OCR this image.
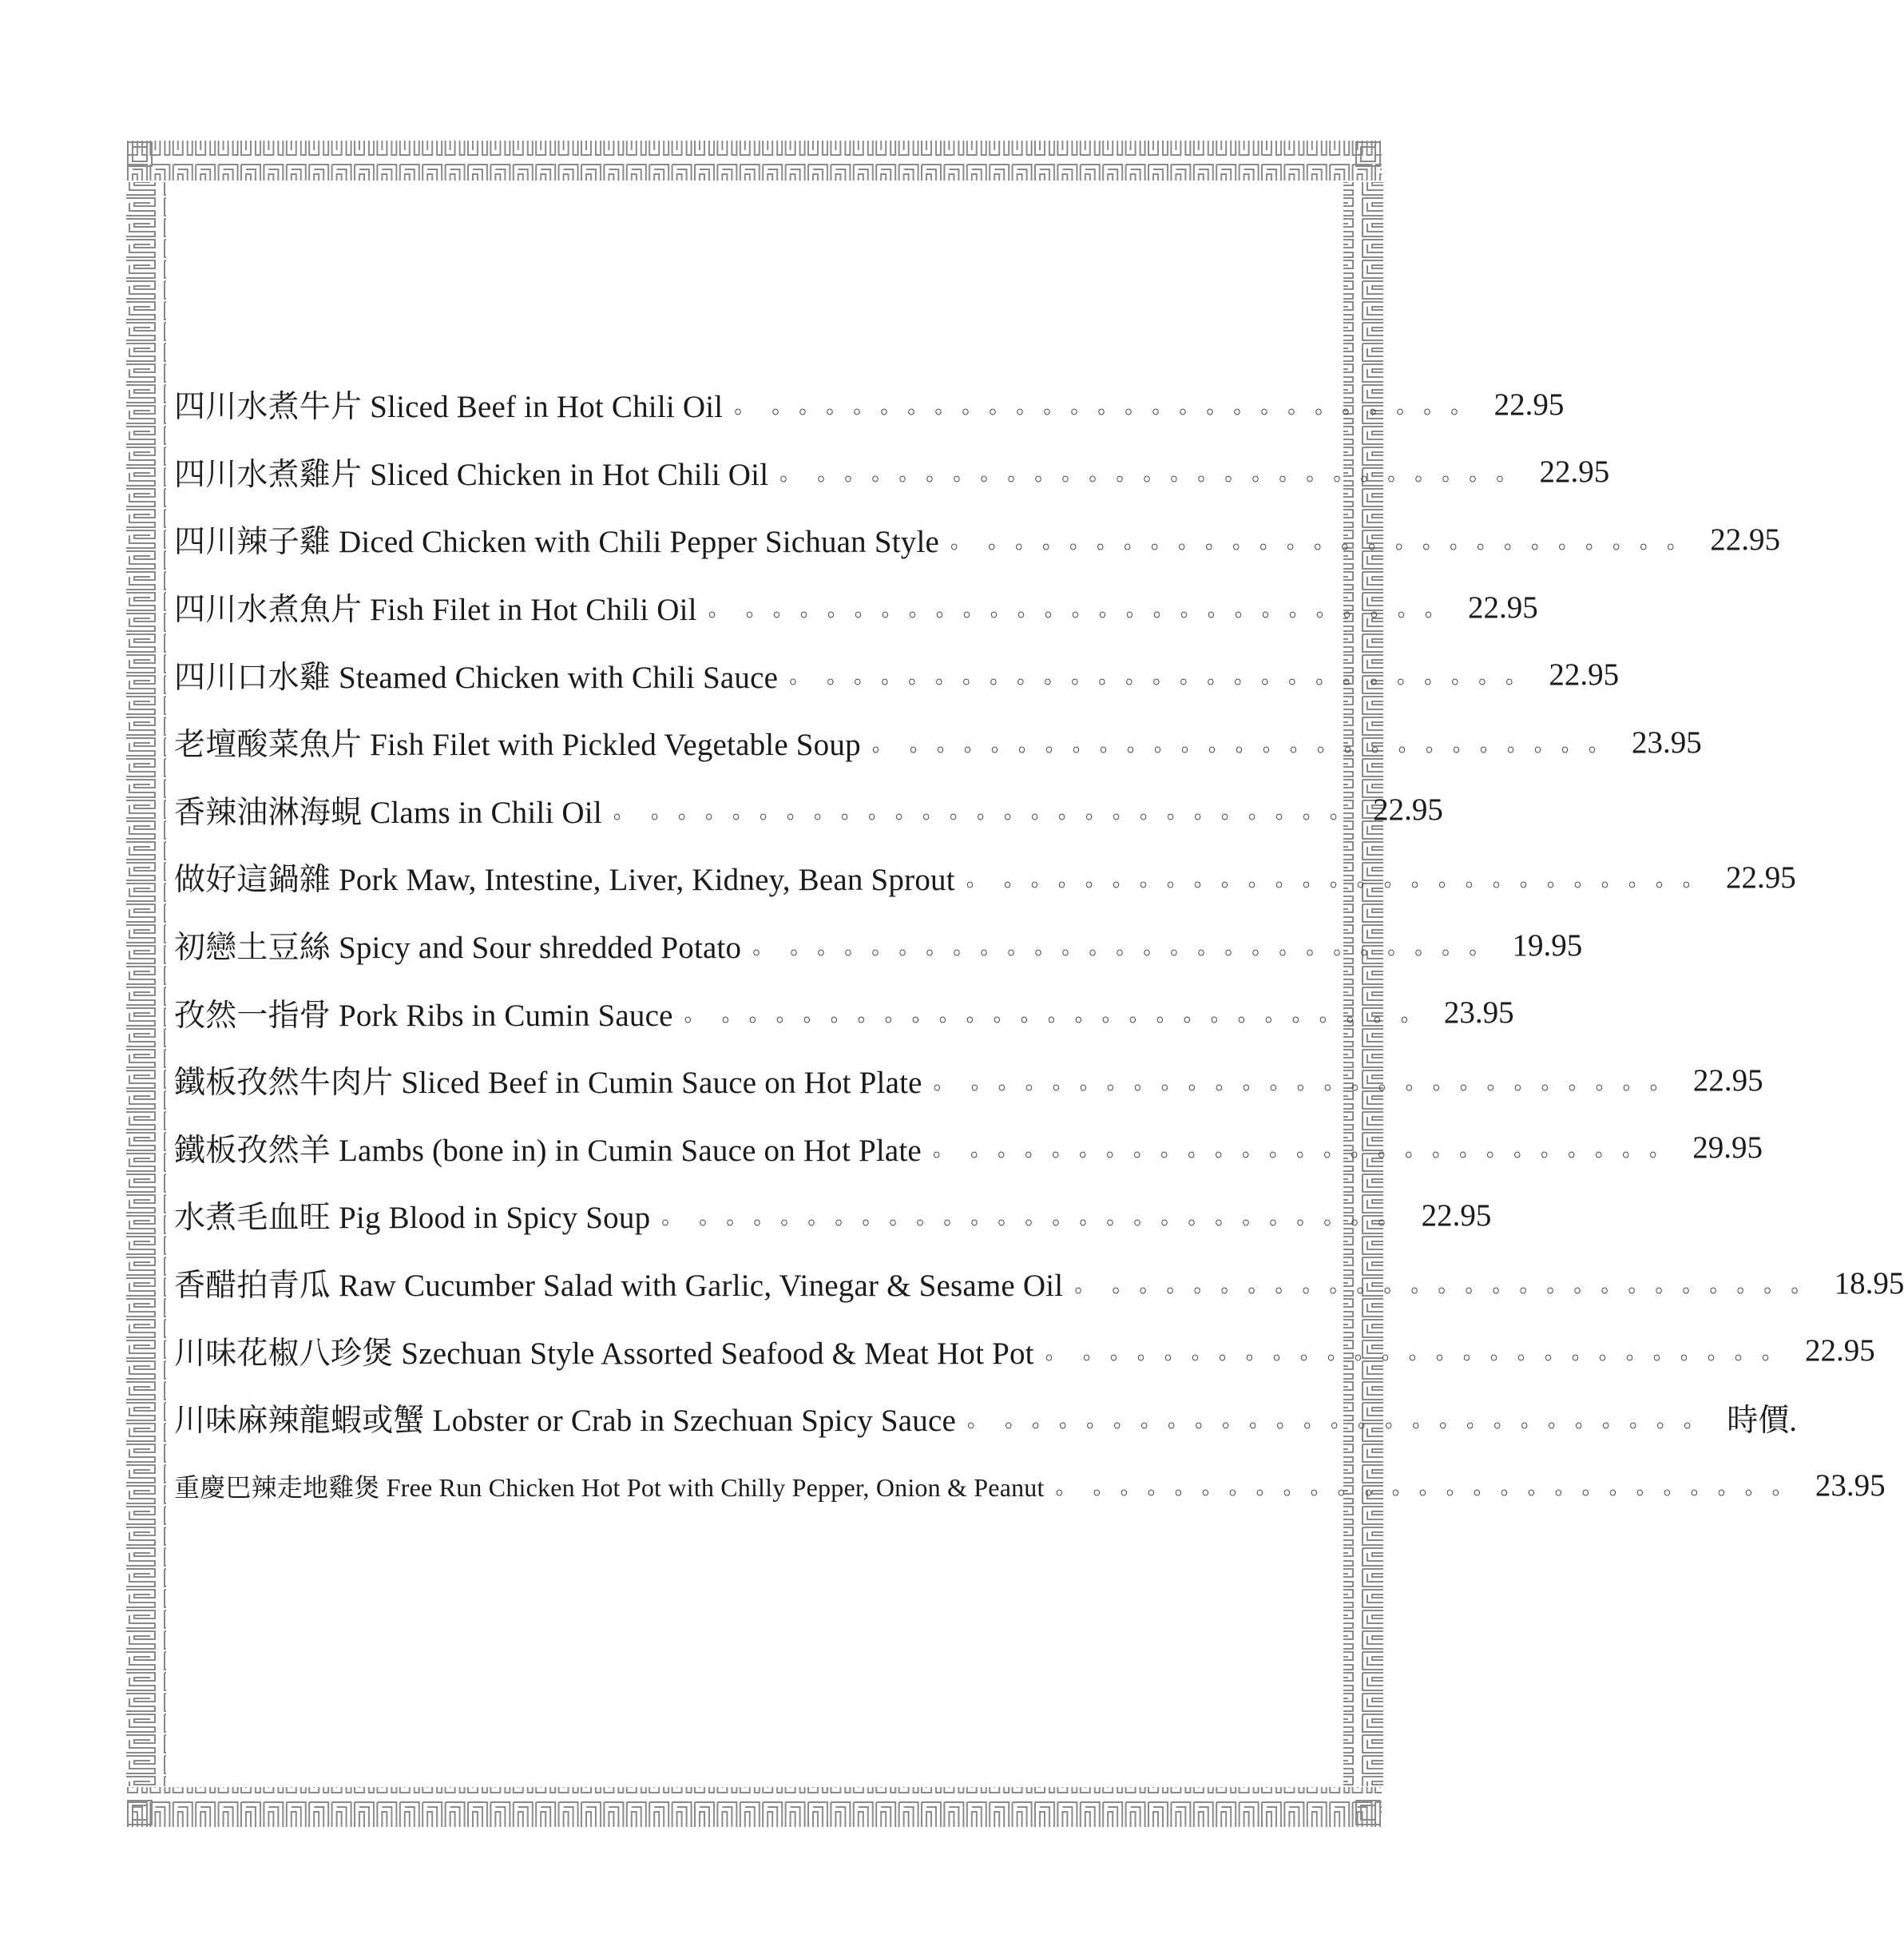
四川水煮牛片 Sliced Beef in Hot Chili Oil 。。。。。。。。。。。。。。。。。。。。。。。。。。。 22.95
四川水煮雞片 Sliced Chicken in Hot Chili Oil 。。。。。。。。。。。。。。。。。。。。。。。。。。。 22.95
四川辣子雞 Diced Chicken with Chili Pepper Sichuan Style 。。。。。。。。。。。。。。。。。。。。。。。。。。。 22.95
四川水煮魚片 Fish Filet in Hot Chili Oil 。。。。。。。。。。。。。。。。。。。。。。。。。。。 22.95
四川口水雞 Steamed Chicken with Chili Sauce 。。。。。。。。。。。。。。。。。。。。。。。。。。。 22.95
老壇酸菜魚片 Fish Filet with Pickled Vegetable Soup 。。。。。。。。。。。。。。。。。。。。。。。。。。。 23.95
香辣油淋海蜆 Clams in Chili Oil 。。。。。。。。。。。。。。。。。。。。。。。。。。。 22.95
做好這鍋雜 Pork Maw, Intestine, Liver, Kidney, Bean Sprout 。。。。。。。。。。。。。。。。。。。。。。。。。。。 22.95
初戀土豆絲 Spicy and Sour shredded Potato 。。。。。。。。。。。。。。。。。。。。。。。。。。。 19.95
孜然一指骨 Pork Ribs in Cumin Sauce 。。。。。。。。。。。。。。。。。。。。。。。。。。。 23.95
鐵板孜然牛肉片 Sliced Beef in Cumin Sauce on Hot Plate 。。。。。。。。。。。。。。。。。。。。。。。。。。。 22.95
鐵板孜然羊 Lambs (bone in) in Cumin Sauce on Hot Plate 。。。。。。。。。。。。。。。。。。。。。。。。。。。 29.95
水煮毛血旺 Pig Blood in Spicy Soup 。。。。。。。。。。。。。。。。。。。。。。。。。。。 22.95
香醋拍青瓜 Raw Cucumber Salad with Garlic, Vinegar & Sesame Oil 。。。。。。。。。。。。。。。。。。。。。。。。。。。 18.95
川味花椒八珍煲 Szechuan Style Assorted Seafood & Meat Hot Pot 。。。。。。。。。。。。。。。。。。。。。。。。。。。 22.95
川味麻辣龍蝦或蟹 Lobster or Crab in Szechuan Spicy Sauce 。。。。。。。。。。。。。。。。。。。。。。。。。。。 時價.
重慶巴辣走地雞煲 Free Run Chicken Hot Pot with Chilly Pepper, Onion & Peanut 。。。。。。。。。。。。。。。。。。。。。。。。。。。 23.95
